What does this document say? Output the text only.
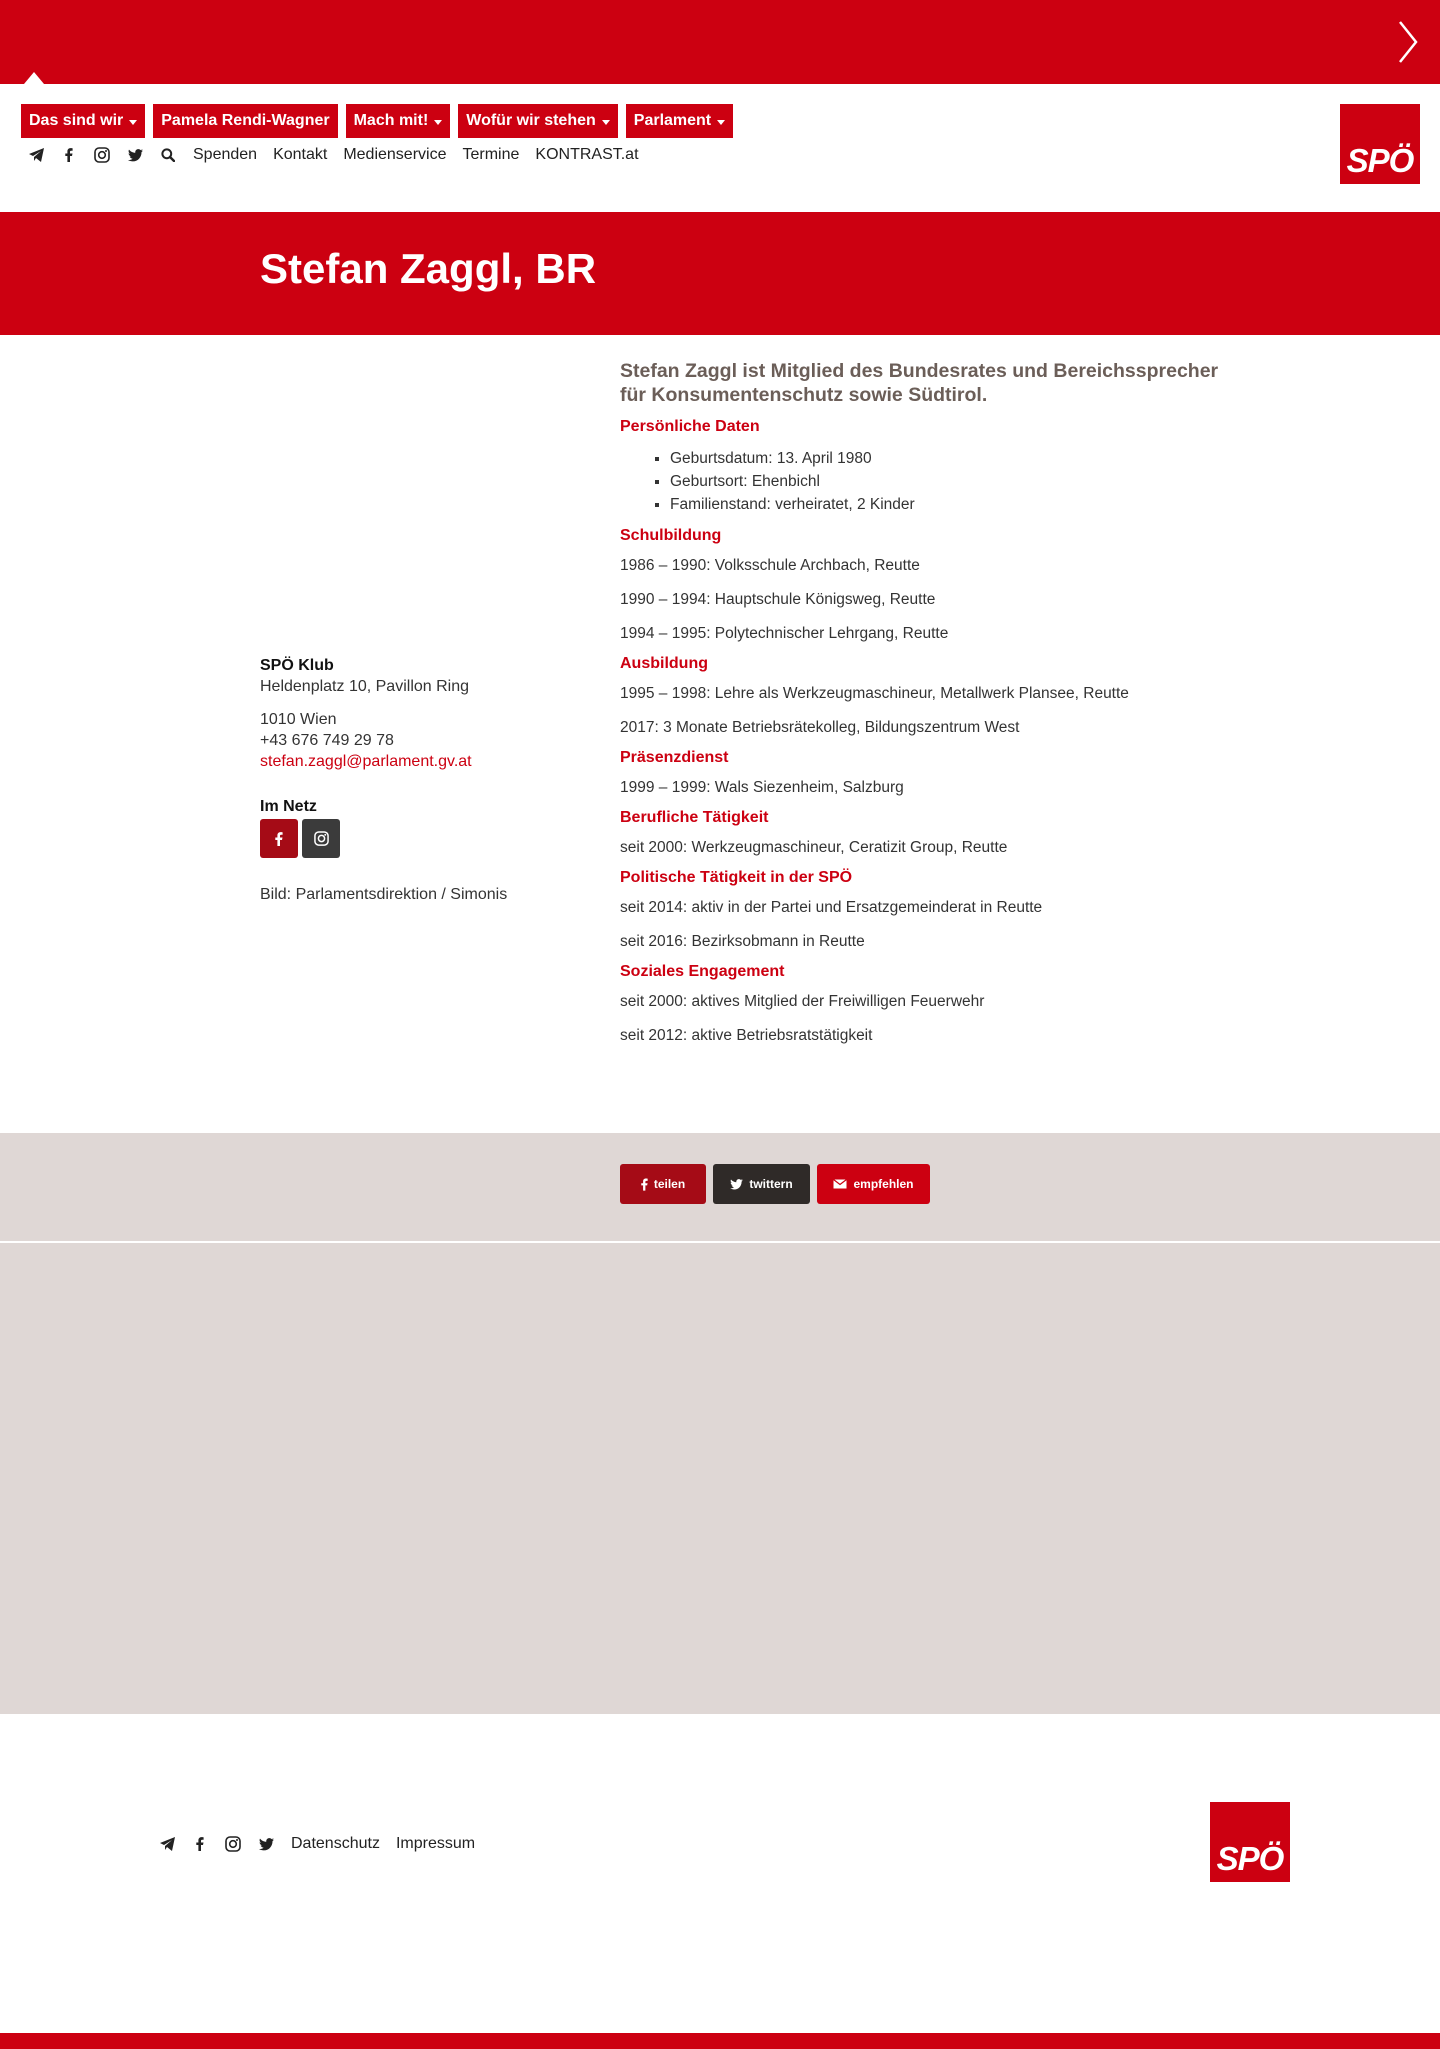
Das sind wir Pamela Rendi-Wagner Mach mit! Wofür wir stehen Parlament
Spenden Kontakt Medienservice Termine KONTRAST.at	SPÖ
Stefan Zaggl, BR
SPÖ Klub
Heldenplatz 10, Pavillon Ring
1010 Wien
+43 676 749 29 78
stefan.zaggl@parlament.gv.at
Im Netz
Bild: Parlamentsdirektion / Simonis
Stefan Zaggl ist Mitglied des Bundesrates und Bereichssprecher für Konsumentenschutz sowie Südtirol.
Persönliche Daten
▪ Geburtsdatum: 13. April 1980
▪ Geburtsort: Ehenbichl
▪ Familienstand: verheiratet, 2 Kinder
Schulbildung
1986 – 1990: Volksschule Archbach, Reutte
1990 – 1994: Hauptschule Königsweg, Reutte
1994 – 1995: Polytechnischer Lehrgang, Reutte
Ausbildung
1995 – 1998: Lehre als Werkzeugmaschineur, Metallwerk Plansee, Reutte
2017: 3 Monate Betriebsrätekolleg, Bildungszentrum West
Präsenzdienst
1999 – 1999: Wals Siezenheim, Salzburg
Berufliche Tätigkeit
seit 2000: Werkzeugmaschineur, Ceratizit Group, Reutte
Politische Tätigkeit in der SPÖ
seit 2014: aktiv in der Partei und Ersatzgemeinderat in Reutte
seit 2016: Bezirksobmann in Reutte
Soziales Engagement
seit 2000: aktives Mitglied der Freiwilligen Feuerwehr
seit 2012: aktive Betriebsratstätigkeit
teilen	twittern	empfehlen
Datenschutz Impressum	SPÖ
